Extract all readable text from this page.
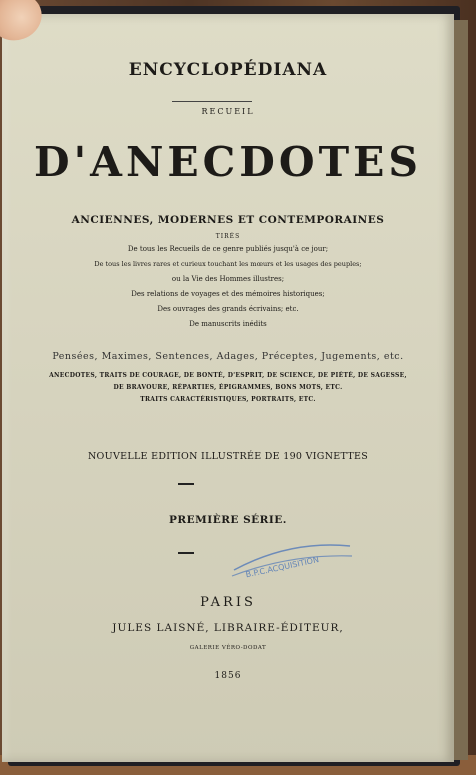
ENCYCLOPÉDIANA
RECUEIL
D'ANECDOTES
ANCIENNES, MODERNES ET CONTEMPORAINES
TIRÉS
De tous les Recueils de ce genre publiés jusqu'à ce jour;
De tous les livres rares et curieux touchant les mœurs et les usages des peuples;
ou la Vie des Hommes illustres;
Des relations de voyages et des mémoires historiques;
Des ouvrages des grands écrivains; etc.
De manuscrits inédits
Pensées, Maximes, Sentences, Adages, Préceptes, Jugements, etc.
ANECDOTES, TRAITS DE COURAGE, DE BONTÉ, D'ESPRIT, DE SCIENCE, DE PIÉTÉ, DE SAGESSE,
DE BRAVOURE, RÉPARTIES, ÉPIGRAMMES, BONS MOTS, ETC.
TRAITS CARACTÉRISTIQUES, PORTRAITS, ETC.
NOUVELLE EDITION ILLUSTRÉE DE 190 VIGNETTES
PREMIÈRE SÉRIE.
B.P.C.ACQUISITION
PARIS
JULES LAISNÉ, LIBRAIRE-ÉDITEUR,
GALERIE VÉRO-DODAT
1856
